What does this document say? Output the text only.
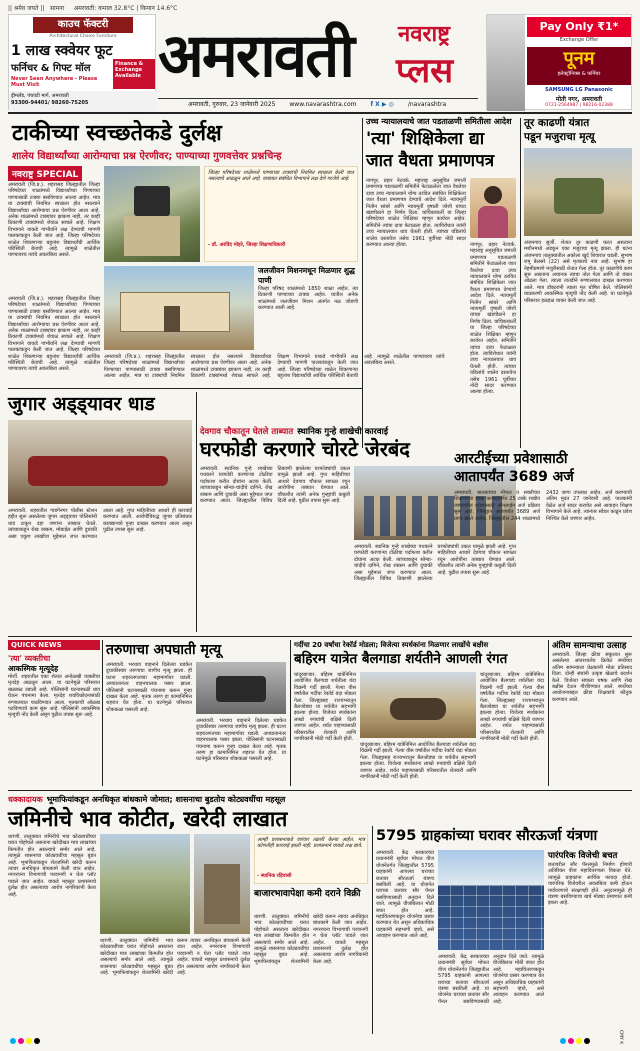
|| श्रमेव जयते || सामना अमरावती: कमाल 32.8°C | किमान 14.6°C
काउच फॅक्टरी
Architectural Choice Furniture
1 लाख स्क्वेयर फूट
फर्निचर & गिफ्ट मॉल	Finance & Exchange Available
Never Seen Anywhere - Please Must Visit
ड्रीमलँड, पंचवटी मार्ग, अमरावती
93300-94401/ 98260-75205
अमरावती नवराष्ट्र
प्लस
अमरावती, गुरुवार, 23 जानेवारी 2025 www.navarashtra.com f X ▶ ◎ /navarashtra
Pay Only ₹1*
Exchange Offer
पूनम
इलेक्ट्रॉनिक्स & फर्निचर
SAMSUNG LG Panasonic
मोती नगर, अमरावती
0721-2564987 | 98216-02388
टाकीच्या स्वच्छतेकडे दुर्लक्ष
शालेय विद्यार्थ्यांच्या आरोग्याचा प्रश्न ऐरणीवर; पाण्याच्या गुणवत्तेवर प्रश्नचिन्ह
नवराष्ट्र SPECIAL
अमरावती (जि.प्र.). शहरासह जिल्ह्यातील जिल्हा परिषदेच्या शाळांमध्ये विद्यार्थ्यांच्या पिण्याच्या पाण्यासाठी टाक्या बसविण्यात आल्या आहेत. मात्र या टाक्यांची नियमित स्वच्छता होत नसल्याने विद्यार्थ्यांच्या आरोग्याचा प्रश्न ऐरणीवर आला आहे. अनेक शाळांमध्ये टाक्यांवर झाकण नाही, तर काही ठिकाणी टाक्यांमध्ये शेवाळ साचले आहे. शिक्षण विभागाने याकडे गांभीर्याने लक्ष देण्याची मागणी पालकांकडून केली जात आहे. जिल्हा परिषदेच्या शाळेत शिकणाऱ्या बहुतांश विद्यार्थ्यांची आर्थिक परिस्थिती बेताची आहे. त्यामुळे शाळेतील पाण्यावरच त्यांचे अवलंबित्व असते.
जिल्हा परिषदेच्या शाळेंमध्ये पाण्याच्या टाक्यांची नियमित स्वच्छता केली जात नसल्याचे आढळून आले आहे. याबाबत संबंधित विभागाने लक्ष देणे गरजेचे आहे.
- डॉ. अरविंद मोहरे, जिल्हा शिक्षणाधिकारी
जलजीवन मिशनमधून मिळणार शुद्ध पाणी
जिल्हा परिषद शाळांमध्ये 1850 शाळा आहेत. त्या ठिकाणी पाण्याच्या टाक्या आहेत. यातील अनेक शाळांमध्ये जलजीवन मिशन अंतर्गत नळ जोडणी करण्यात आली आहे.
अमरावती (जि.प्र.). शहरासह जिल्ह्यातील जिल्हा परिषदेच्या शाळांमध्ये विद्यार्थ्यांच्या पिण्याच्या पाण्यासाठी टाक्या बसविण्यात आल्या आहेत. मात्र या टाक्यांची नियमित स्वच्छता होत नसल्याने विद्यार्थ्यांच्या आरोग्याचा प्रश्न ऐरणीवर आला आहे. अनेक शाळांमध्ये टाक्यांवर झाकण नाही, तर काही ठिकाणी टाक्यांमध्ये शेवाळ साचले आहे. शिक्षण विभागाने याकडे गांभीर्याने लक्ष देण्याची मागणी पालकांकडून केली जात आहे. जिल्हा परिषदेच्या शाळेत शिकणाऱ्या बहुतांश विद्यार्थ्यांची आर्थिक परिस्थिती बेताची आहे. त्यामुळे शाळेतील पाण्यावरच त्यांचे अवलंबित्व असते.
अमरावती (जि.प्र.). शहरासह जिल्ह्यातील जिल्हा परिषदेच्या शाळांमध्ये विद्यार्थ्यांच्या पिण्याच्या पाण्यासाठी टाक्या बसविण्यात आल्या आहेत. मात्र या टाक्यांची नियमित स्वच्छता होत नसल्याने विद्यार्थ्यांच्या आरोग्याचा प्रश्न ऐरणीवर आला आहे. अनेक शाळांमध्ये टाक्यांवर झाकण नाही, तर काही ठिकाणी टाक्यांमध्ये शेवाळ साचले आहे. शिक्षण विभागाने याकडे गांभीर्याने लक्ष देण्याची मागणी पालकांकडून केली जात आहे. जिल्हा परिषदेच्या शाळेत शिकणाऱ्या बहुतांश विद्यार्थ्यांची आर्थिक परिस्थिती बेताची आहे. त्यामुळे शाळेतील पाण्यावरच त्यांचे अवलंबित्व असते.
उच्च न्यायालयाचे जात पडताळणी समितीला आदेश
'त्या' शिक्षिकेला द्या
जात वैधता प्रमाणपत्र
नागपूर, प्रहार नेटवर्क. महाराष्ट्र अनुसूचित जमाती प्रमाणपत्र पडताळणी समितीने फेटाळलेला जात वैधतेचा दावा उच्च न्यायालयाने योग्य ठरवित संबंधित शिक्षिकेला जात वैधता प्रमाणपत्र देण्याचे आदेश दिले. न्यायमूर्ती नितीन सांबरे आणि न्यायमूर्ती वृषाली जोशी यांच्या खंडपीठाने हा निर्णय दिला. याचिकाकर्ती या जिल्हा परिषदेच्या शाळेत शिक्षिका म्हणून कार्यरत आहेत. समितीने त्यांचा दावा फेटाळला होता. त्याविरोधात त्यांनी उच्च न्यायालयात धाव घेतली होती. त्यांच्या वडिलांचे शालेय दस्तावेज तसेच 1961 पूर्वीच्या नोंदी सादर करण्यात आल्या होत्या.	नागपूर, प्रहार नेटवर्क. महाराष्ट्र अनुसूचित जमाती प्रमाणपत्र पडताळणी समितीने फेटाळलेला जात वैधतेचा दावा उच्च न्यायालयाने योग्य ठरवित संबंधित शिक्षिकेला जात वैधता प्रमाणपत्र देण्याचे आदेश दिले. न्यायमूर्ती नितीन सांबरे आणि न्यायमूर्ती वृषाली जोशी यांच्या खंडपीठाने हा निर्णय दिला. याचिकाकर्ती या जिल्हा परिषदेच्या शाळेत शिक्षिका म्हणून कार्यरत आहेत. समितीने त्यांचा दावा फेटाळला होता. त्याविरोधात त्यांनी उच्च न्यायालयात धाव घेतली होती. त्यांच्या वडिलांचे शालेय दस्तावेज तसेच 1961 पूर्वीच्या नोंदी सादर करण्यात आल्या होत्या.
तूर काढणी यंत्रात
पडून मजुराचा मृत्यू
अंजनगाव सुर्जी. शेतात तूर काढणी करत असताना मशीनमध्ये अडकून एका मजुराचा मृत्यू झाला. ही घटना अंजनगाव तालुक्यातील अकोला खुर्द शिवारात घडली. सुभाष रामू बेलसरे (22) असे मृतकाचे नाव आहे. सुभाष हा नेहमीप्रमाणे मजुरीसाठी शेतात गेला होता. तूर काढणीचे काम सुरू असताना अचानक त्याचा तोल गेला आणि तो यंत्रात ओढला गेला. त्याला तातडीने रुग्णालयात दाखल करण्यात आले. मात्र डॉक्टरांनी त्याला मृत घोषित केले. पोलिसांनी याप्रकरणी आकस्मिक मृत्यूची नोंद केली आहे. या घटनेमुळे परिसरात हळहळ व्यक्त केली जात आहे.
जुगार अड्ड्यावर धाड
अमरावती. शहरातील गाडगेनगर पोलीस स्टेशन हद्दीत सुरू असलेल्या जुगार अड्ड्यावर पोलिसांनी धाड टाकून दहा जणांना ताब्यात घेतले. त्यांच्याकडून रोख रक्कम, मोबाईल आणि दुचाकी असा एकूण लाखोंचा मुद्देमाल जप्त करण्यात आला आहे. गुप्त माहितीच्या आधारे ही कारवाई करण्यात आली. आरोपींविरुद्ध जुगार प्रतिबंधक कायद्यान्वये गुन्हा दाखल करण्यात आला असून पुढील तपास सुरू आहे.
देवगाव चौकातून घेतले ताब्यात स्थानिक गुन्हे शाखेची कारवाई
घरफोडी करणारे चोरटे जेरबंद
अमरावती. स्थानिक गुन्हे शाखेच्या पथकाने घरफोडी करणाऱ्या टोळीचा पर्दाफाश करीत दोघांना अटक केली. त्यांच्याकडून सोन्या-चांदीचे दागिने, रोख रक्कम आणि दुचाकी असा मुद्देमाल जप्त करण्यात आला. जिल्ह्यातील विविध ठिकाणी झालेल्या घरफोड्यांची उकल यामुळे झाली आहे. गुप्त माहितीच्या आधारे देवगाव चौकात सापळा रचून आरोपींना ताब्यात घेण्यात आले. चौकशीत त्यांनी अनेक गुन्ह्यांची कबुली दिली आहे. पुढील तपास सुरू आहे.
अमरावती. स्थानिक गुन्हे शाखेच्या पथकाने घरफोडी करणाऱ्या टोळीचा पर्दाफाश करीत दोघांना अटक केली. त्यांच्याकडून सोन्या-चांदीचे दागिने, रोख रक्कम आणि दुचाकी असा मुद्देमाल जप्त करण्यात आला. जिल्ह्यातील विविध ठिकाणी झालेल्या घरफोड्यांची उकल यामुळे झाली आहे. गुप्त माहितीच्या आधारे देवगाव चौकात सापळा रचून आरोपींना ताब्यात घेण्यात आले. चौकशीत त्यांनी अनेक गुन्ह्यांची कबुली दिली आहे. पुढील तपास सुरू आहे.
आरटीईच्या प्रवेशासाठी
आतापर्यंत 3689 अर्ज
अमरावती. बालकांच्या मोफत व सक्तीच्या शिक्षणाच्या हक्क कायद्यांतर्गत 25 टक्के राखीव जागांवरील प्रवेशासाठी ऑनलाईन अर्ज प्रक्रिया सुरू आहे. जिल्ह्यात आतापर्यंत 3689 अर्ज प्राप्त झाले आहेत. जिल्ह्यातील 244 शाळांमध्ये 2432 जागा उपलब्ध आहेत. अर्ज करण्याची अंतिम मुदत 27 जानेवारी आहे. पालकांनी वेळेत अर्ज सादर करावेत असे आवाहन शिक्षण विभागाने केले आहे. त्यानंतर सोडत काढून प्रवेश निश्चित केले जाणार आहेत.
QUICK NEWS
'त्या' व्यक्तीचा
आकस्मिक मृत्यूदेह
मोर्शी. शहरातील एका शेतात अनोळखी व्यक्तीचा मृतदेह आढळून आला. या घटनेमुळे परिसरात खळबळ उडाली आहे. पोलिसांनी घटनास्थळी धाव घेऊन पंचनामा केला. मृतदेह शवविच्छेदनासाठी रुग्णालयात पाठविण्यात आला. मृतकाची ओळख पटविण्याचे काम सुरू आहे. पोलिसांनी आकस्मिक मृत्यूची नोंद केली असून पुढील तपास सुरू आहे.
तरुणाचा अपघाती मृत्यू
अमरावती. भरधाव वाहनाने दिलेल्या धडकेत दुचाकीस्वार तरुणाचा जागीच मृत्यू झाला. ही घटना शहरालगतच्या महामार्गावर घडली. अपघातानंतर वाहनचालक पसार झाला. पोलिसांनी घटनास्थळी पंचनामा करून गुन्हा दाखल केला आहे. मृतक तरुण हा कामानिमित्त शहरात येत होता. या घटनेमुळे परिसरात शोककळा पसरली आहे.
अमरावती. भरधाव वाहनाने दिलेल्या धडकेत दुचाकीस्वार तरुणाचा जागीच मृत्यू झाला. ही घटना शहरालगतच्या महामार्गावर घडली. अपघातानंतर वाहनचालक पसार झाला. पोलिसांनी घटनास्थळी पंचनामा करून गुन्हा दाखल केला आहे. मृतक तरुण हा कामानिमित्त शहरात येत होता. या घटनेमुळे परिसरात शोककळा पसरली आहे.
गर्दीचा 20 वर्षांचा रेकॉर्ड मोडला; विजेत्या स्पर्धकांना मिळणार लाखोंचे बक्षीस
बहिरम यात्रेत बैलगाडा शर्यतीने आणली रंगत
चांदूरबाजार. बहिरम यात्रेनिमित्त आयोजित बैलगाडा शर्यतीला यंदा विक्रमी गर्दी झाली. गेल्या वीस वर्षांतील गर्दीचा रेकॉर्ड यंदा मोडला गेला. जिल्ह्यासह राज्यभरातून बैलजोड्या या शर्यतीत सहभागी झाल्या होत्या. विजेत्या स्पर्धकांना लाखो रुपयांची बक्षिसे दिली जाणार आहेत. शर्यत पाहण्यासाठी परिसरातील शेतकरी आणि नागरिकांनी मोठी गर्दी केली होती.
चांदूरबाजार. बहिरम यात्रेनिमित्त आयोजित बैलगाडा शर्यतीला यंदा विक्रमी गर्दी झाली. गेल्या वीस वर्षांतील गर्दीचा रेकॉर्ड यंदा मोडला गेला. जिल्ह्यासह राज्यभरातून बैलजोड्या या शर्यतीत सहभागी झाल्या होत्या. विजेत्या स्पर्धकांना लाखो रुपयांची बक्षिसे दिली जाणार आहेत. शर्यत पाहण्यासाठी परिसरातील शेतकरी आणि नागरिकांनी मोठी गर्दी केली होती.
चांदूरबाजार. बहिरम यात्रेनिमित्त आयोजित बैलगाडा शर्यतीला यंदा विक्रमी गर्दी झाली. गेल्या वीस वर्षांतील गर्दीचा रेकॉर्ड यंदा मोडला गेला. जिल्ह्यासह राज्यभरातून बैलजोड्या या शर्यतीत सहभागी झाल्या होत्या. विजेत्या स्पर्धकांना लाखो रुपयांची बक्षिसे दिली जाणार आहेत. शर्यत पाहण्यासाठी परिसरातील शेतकरी आणि नागरिकांनी मोठी गर्दी केली होती.
अंतिम सामन्याचा उत्साह
अमरावती. जिल्हा क्रीडा संकुलात सुरू असलेल्या आंतरशालेय क्रिकेट स्पर्धेच्या अंतिम सामन्याला प्रेक्षकांनी मोठा प्रतिसाद दिला. दोन्ही संघांनी उत्कृष्ट खेळाचे प्रदर्शन केले. विजेत्या संघाला चषक आणि रोख बक्षीस देऊन गौरविण्यात आले. स्पर्धेच्या आयोजनाबद्दल क्रीडा शिक्षकांचे कौतुक करण्यात आले.
धक्कादायक भूमाफियांकडून अनधिकृत बांधकामे जोमात; शासनाचा बुडतोय कोट्यवधींचा महसूल
जमिनीचे भाव कोटीत, खरेदी लाखात
धारणी. तालुक्यात जमिनीचे भाव कोट्यवधींच्या घरात पोहोचले असताना खरेदीखत मात्र लाखांच्या किमतीत होत असल्याचे समोर आले आहे. त्यामुळे शासनाचा कोट्यवधींचा महसूल बुडत आहे. भूमाफियांकडून शेतजमिनी खरेदी करून त्यावर अनधिकृत बांधकामे केली जात आहेत. नगररचना विभागाची परवानगी न घेता प्लॉट पाडले जात आहेत. याकडे महसूल प्रशासनाचे दुर्लक्ष होत असल्याचा आरोप नागरिकांनी केला आहे.
आम्ही प्रशासनाकडे वारंवार तक्रारी केल्या आहेत. मात्र कोणतीही कारवाई झाली नाही. प्रशासनाने याकडे लक्ष द्यावे.
- स्थानिक रहिवासी
बाजारभावापेक्षा कमी दराने विक्री
धारणी. तालुक्यात जमिनीचे भाव कोट्यवधींच्या घरात पोहोचले असताना खरेदीखत मात्र लाखांच्या किमतीत होत असल्याचे समोर आले आहे. त्यामुळे शासनाचा कोट्यवधींचा महसूल बुडत आहे. भूमाफियांकडून शेतजमिनी खरेदी करून त्यावर अनधिकृत बांधकामे केली जात आहेत. नगररचना विभागाची परवानगी न घेता प्लॉट पाडले जात आहेत. याकडे महसूल प्रशासनाचे दुर्लक्ष होत असल्याचा आरोप नागरिकांनी केला आहे.
धारणी. तालुक्यात जमिनीचे भाव कोट्यवधींच्या घरात पोहोचले असताना खरेदीखत मात्र लाखांच्या किमतीत होत असल्याचे समोर आले आहे. त्यामुळे शासनाचा कोट्यवधींचा महसूल बुडत आहे. भूमाफियांकडून शेतजमिनी खरेदी करून त्यावर अनधिकृत बांधकामे केली जात आहेत. नगररचना विभागाची परवानगी न घेता प्लॉट पाडले जात आहेत. याकडे महसूल प्रशासनाचे दुर्लक्ष होत असल्याचा आरोप नागरिकांनी केला आहे.
5795 ग्राहकांच्या घरावर सौरऊर्जा यंत्रणा
अमरावती. केंद्र सरकारच्या प्रधानमंत्री सूर्यघर मोफत वीज योजनेंतर्गत जिल्ह्यातील 5795 ग्राहकांनी आपल्या घराच्या छतावर सौरऊर्जा यंत्रणा बसविली आहे. या योजनेत घराच्या छतावर सौर पॅनल बसविण्यासाठी अनुदान दिले जाते. त्यामुळे वीजबिलात मोठी बचत होत आहे. महावितरणकडून योजनेचा प्रसार करण्यात येत असून अधिकाधिक ग्राहकांनी सहभागी व्हावे, असे आवाहन करण्यात आले आहे.
अमरावती. केंद्र सरकारच्या प्रधानमंत्री सूर्यघर मोफत वीज योजनेंतर्गत जिल्ह्यातील 5795 ग्राहकांनी आपल्या घराच्या छतावर सौरऊर्जा यंत्रणा बसविली आहे. या योजनेत घराच्या छतावर सौर पॅनल बसविण्यासाठी अनुदान दिले जाते. त्यामुळे वीजबिलात मोठी बचत होत आहे. महावितरणकडून योजनेचा प्रसार करण्यात येत असून अधिकाधिक ग्राहकांनी सहभागी व्हावे, असे आवाहन करण्यात आले आहे.
पारंपरिक विजेची बचत
छतावरील सौर पॅनलमुळे निर्माण होणारी अतिरिक्त वीज महावितरणला विकता येते. त्यामुळे ग्राहकांना आर्थिक फायदा होतो. पारंपरिक विजेवरील अवलंबित्व कमी होऊन पर्यावरणाचे संरक्षणही होते. अनुदानामुळे ही यंत्रणा बसविण्याचा खर्च मोठ्या प्रमाणात कमी झाला आहे.
CMY K
